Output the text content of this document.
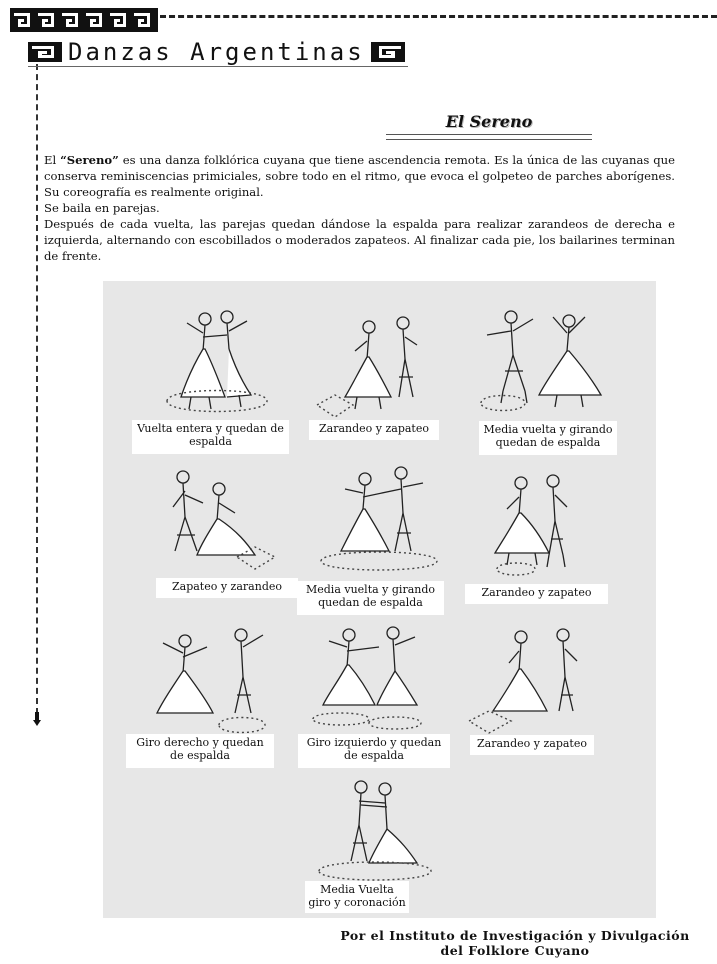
Danzas Argentinas
El Sereno

El “Sereno” es una danza folklórica cuyana que tiene ascendencia remota. Es la única de las cuyanas que conserva reminiscencias primiciales, sobre todo en el ritmo, que evoca el golpeteo de parches aborígenes. Su coreografía es realmente original.

Se baila en parejas.

Después de cada vuelta, las parejas quedan dándose la espalda para realizar zarandeos de derecha e izquierda, alternando con escobillados o moderados zapateos. Al finalizar cada pie, los bailarines terminan de frente.

Vuelta entera y quedan de espalda
Zarandeo y zapateo	Media vuelta y girando quedan de espalda
Zapateo y zarandeo	Media vuelta y girando quedan de espalda
Zarandeo y zapateo
Giro derecho y quedan de espalda
Giro izquierdo y quedan de espalda
Zarandeo y zapateo
Media Vuelta
giro y coronación
Por el Instituto de Investigación y Divulgación
del Folklore Cuyano
